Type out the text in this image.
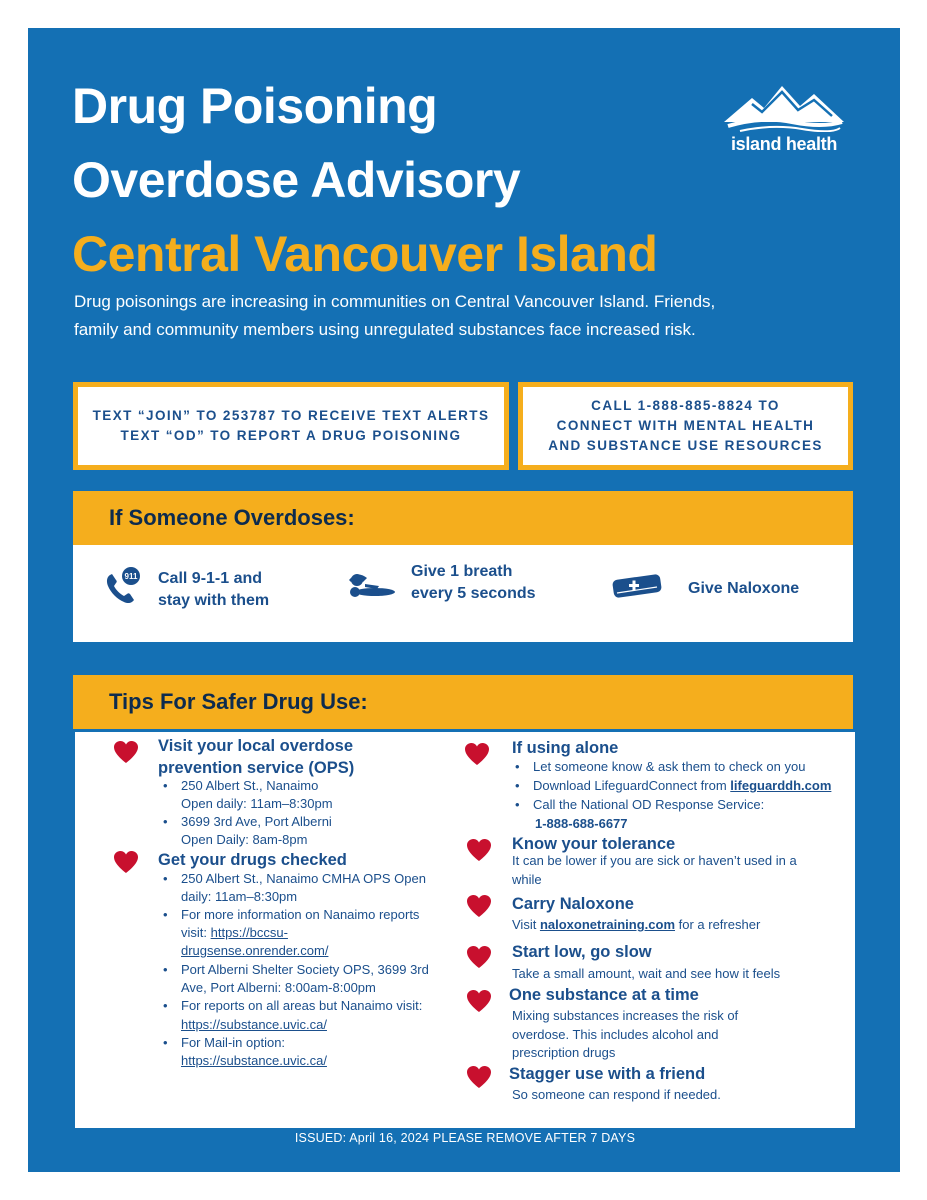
Drug Poisoning
Overdose Advisory
Central Vancouver Island
island health
Drug poisonings are increasing in communities on Central Vancouver Island. Friends, family and community members using unregulated substances face increased risk.
TEXT “JOIN” TO 253787 TO RECEIVE TEXT ALERTS
TEXT “OD” TO REPORT A DRUG POISONING
CALL 1-888-885-8824 TO
CONNECT WITH MENTAL HEALTH
AND SUBSTANCE USE RESOURCES
If Someone Overdoses:
911 Call 9-1-1 and
stay with them
Give 1 breath
every 5 seconds	Give Naloxone
Tips For Safer Drug Use:
Visit your local overdose
prevention service (OPS)
• 250 Albert St., Nanaimo
Open daily: 11am–8:30pm
• 3699 3rd Ave, Port Alberni
Open Daily: 8am-8pm
Get your drugs checked
• 250 Albert St., Nanaimo CMHA OPS Open
daily: 11am–8:30pm
• For more information on Nanaimo reports
visit: https://bccsu-
drugsense.onrender.com/
• Port Alberni Shelter Society OPS, 3699 3rd
Ave, Port Alberni: 8:00am-8:00pm
• For reports on all areas but Nanaimo visit:
https://substance.uvic.ca/
• For Mail-in option:
https://substance.uvic.ca/
If using alone
• Let someone know & ask them to check on you
• Download LifeguardConnect from lifeguarddh.com
• Call the National OD Response Service:
1-888-688-6677
Know your tolerance
It can be lower if you are sick or haven’t used in a
while
Carry Naloxone
Visit naloxonetraining.com for a refresher
Start low, go slow
Take a small amount, wait and see how it feels
One substance at a time
Mixing substances increases the risk of
overdose. This includes alcohol and
prescription drugs
Stagger use with a friend
So someone can respond if needed.
ISSUED: April 16, 2024 PLEASE REMOVE AFTER 7 DAYS
